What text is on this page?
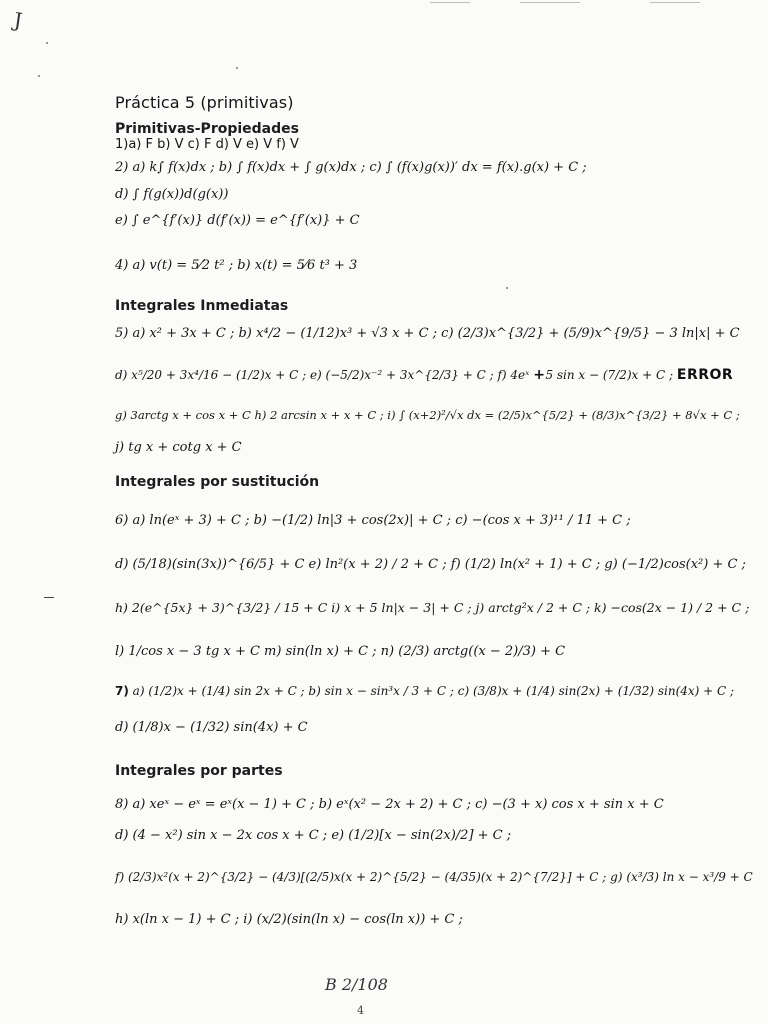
J
Práctica 5 (primitivas)
Primitivas-Propiedades
1)a) F b) V c) F d) V e) V f) V
2) a) k∫ f(x)dx ; b) ∫ f(x)dx + ∫ g(x)dx ; c) ∫ (f(x)g(x))′ dx = f(x).g(x) + C ;
d) ∫ f(g(x))d(g(x))
e) ∫ e^{f′(x)} d(f′(x)) = e^{f′(x)} + C
4) a) v(t) = 5⁄2 t² ; b) x(t) = 5⁄6 t³ + 3
Integrales Inmediatas
5) a) x² + 3x + C ; b) x⁴/2 − (1/12)x³ + √3 x + C ; c) (2/3)x^{3/2} + (5/9)x^{9/5} − 3 ln|x| + C
d) x⁵/20 + 3x⁴/16 − (1/2)x + C ; e) (−5/2)x⁻² + 3x^{2/3} + C ; f) 4eˣ +5 sin x − (7/2)x + C ; ERROR
g) 3arctg x + cos x + C h) 2 arcsin x + x + C ; i) ∫ (x+2)²/√x dx = (2/5)x^{5/2} + (8/3)x^{3/2} + 8√x + C ;
j) tg x + cotg x + C
Integrales por sustitución
6) a) ln(eˣ + 3) + C ; b) −(1/2) ln|3 + cos(2x)| + C ; c) −(cos x + 3)¹¹ / 11 + C ;
d) (5/18)(sin(3x))^{6/5} + C e) ln²(x + 2) / 2 + C ; f) (1/2) ln(x² + 1) + C ; g) (−1/2)cos(x²) + C ;
h) 2(e^{5x} + 3)^{3/2} / 15 + C i) x + 5 ln|x − 3| + C ; j) arctg²x / 2 + C ; k) −cos(2x − 1) / 2 + C ;
l) 1/cos x − 3 tg x + C m) sin(ln x) + C ; n) (2/3) arctg((x − 2)/3) + C
7) a) (1/2)x + (1/4) sin 2x + C ; b) sin x − sin³x / 3 + C ; c) (3/8)x + (1/4) sin(2x) + (1/32) sin(4x) + C ;
d) (1/8)x − (1/32) sin(4x) + C
Integrales por partes
8) a) xeˣ − eˣ = eˣ(x − 1) + C ; b) eˣ(x² − 2x + 2) + C ; c) −(3 + x) cos x + sin x + C
d) (4 − x²) sin x − 2x cos x + C ; e) (1/2)[x − sin(2x)/2] + C ;
f) (2/3)x²(x + 2)^{3/2} − (4/3)[(2/5)x(x + 2)^{5/2} − (4/35)(x + 2)^{7/2}] + C ; g) (x³/3) ln x − x³/9 + C
h) x(ln x − 1) + C ; i) (x/2)(sin(ln x) − cos(ln x)) + C ;
B 2/108
4
